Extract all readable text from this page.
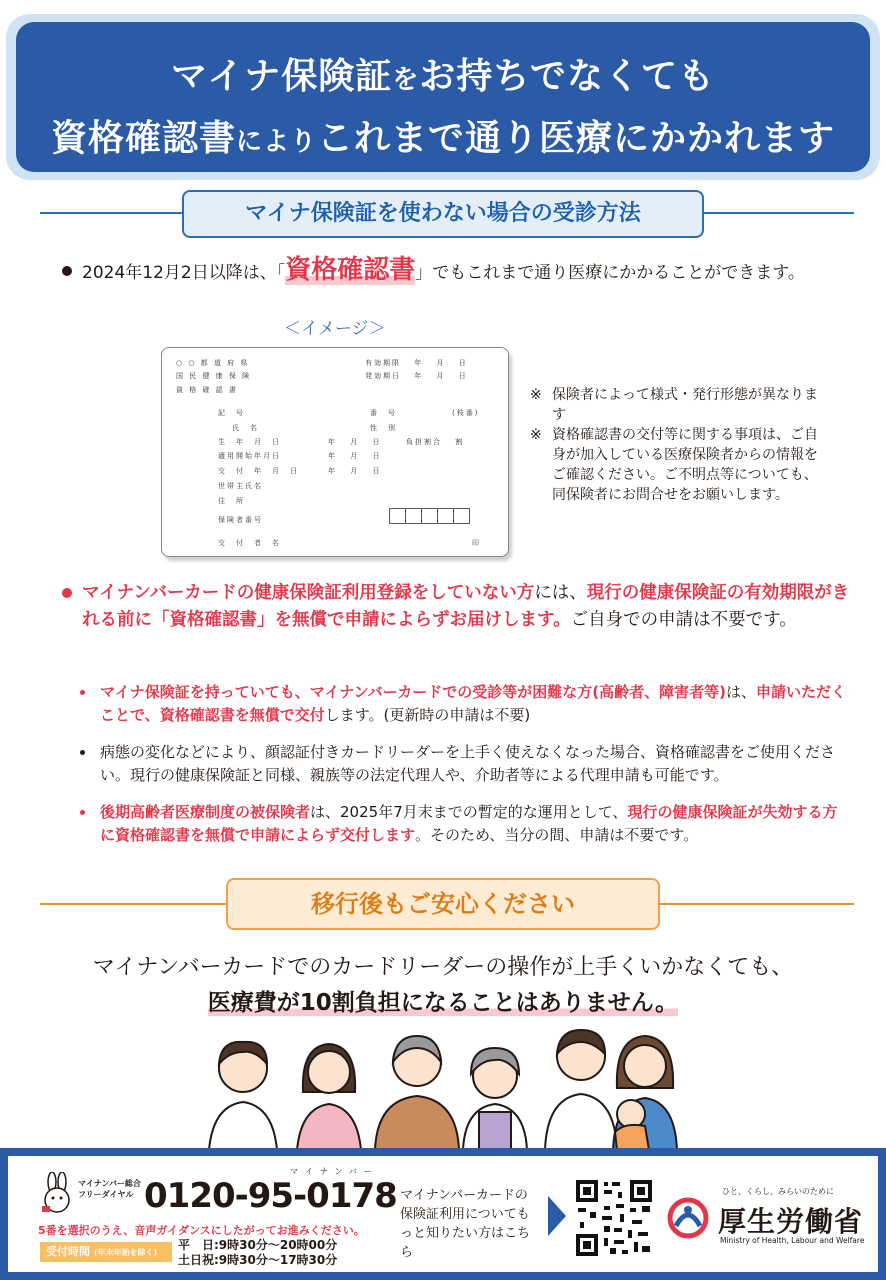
マイナ保険証をお持ちでなくても
資格確認書によりこれまで通り医療にかかれます
マイナ保険証を使わない場合の受診方法
2024年12月2日以降は、「資格確認書」でもこれまで通り医療にかかることができます。
＜イメージ＞
○ ○ 都 道 府 県
国 民 健 康 保 険
資 格 確 認 書
有効期限　 年　 月　 日
発効期日　 年　 月　 日
記　号	番　号	(枝番)
氏　名	性　別
生　年　月　日	年　 月　 日	負担割合　 割
適用開始年月日	年　 月　 日
交　付　年　月　日	年　 月　 日
世帯主氏名
住　所
保険者番号
交　付　者　名	印
※ 保険者によって様式・発行形態が異なります
※ 資格確認書の交付等に関する事項は、ご自身が加入している医療保険者からの情報をご確認ください。ご不明点等についても、同保険者にお問合せをお願いします。
マイナンバーカードの健康保険証利用登録をしていない方には、現行の健康保険証の有効期限がきれる前に「資格確認書」を無償で申請によらずお届けします。ご自身での申請は不要です。
マイナ保険証を持っていても、マイナンバーカードでの受診等が困難な方(高齢者、障害者等)は、申請いただくことで、資格確認書を無償で交付します。(更新時の申請は不要)
病態の変化などにより、顔認証付きカードリーダーを上手く使えなくなった場合、資格確認書をご使用ください。現行の健康保険証と同様、親族等の法定代理人や、介助者等による代理申請も可能です。
後期高齢者医療制度の被保険者は、2025年7月末までの暫定的な運用として、現行の健康保険証が失効する方に資格確認書を無償で申請によらず交付します。そのため、当分の間、申請は不要です。
移行後もご安心ください
マイナンバーカードでのカードリーダーの操作が上手くいかなくても、
医療費が10割負担になることはありません。
マイナンバー総合
フリーダイヤル
マイナンバー
0120-95-0178
5番を選択のうえ、音声ガイダンスにしたがってお進みください。
受付時間 (年末年始を除く)
平　日:9時30分～20時00分
土日祝:9時30分～17時30分
マイナンバーカードの保険証利用についてもっと知りたい方はこちら
ひと、くらし、みらいのために
厚生労働省
Ministry of Health, Labour and Welfare
